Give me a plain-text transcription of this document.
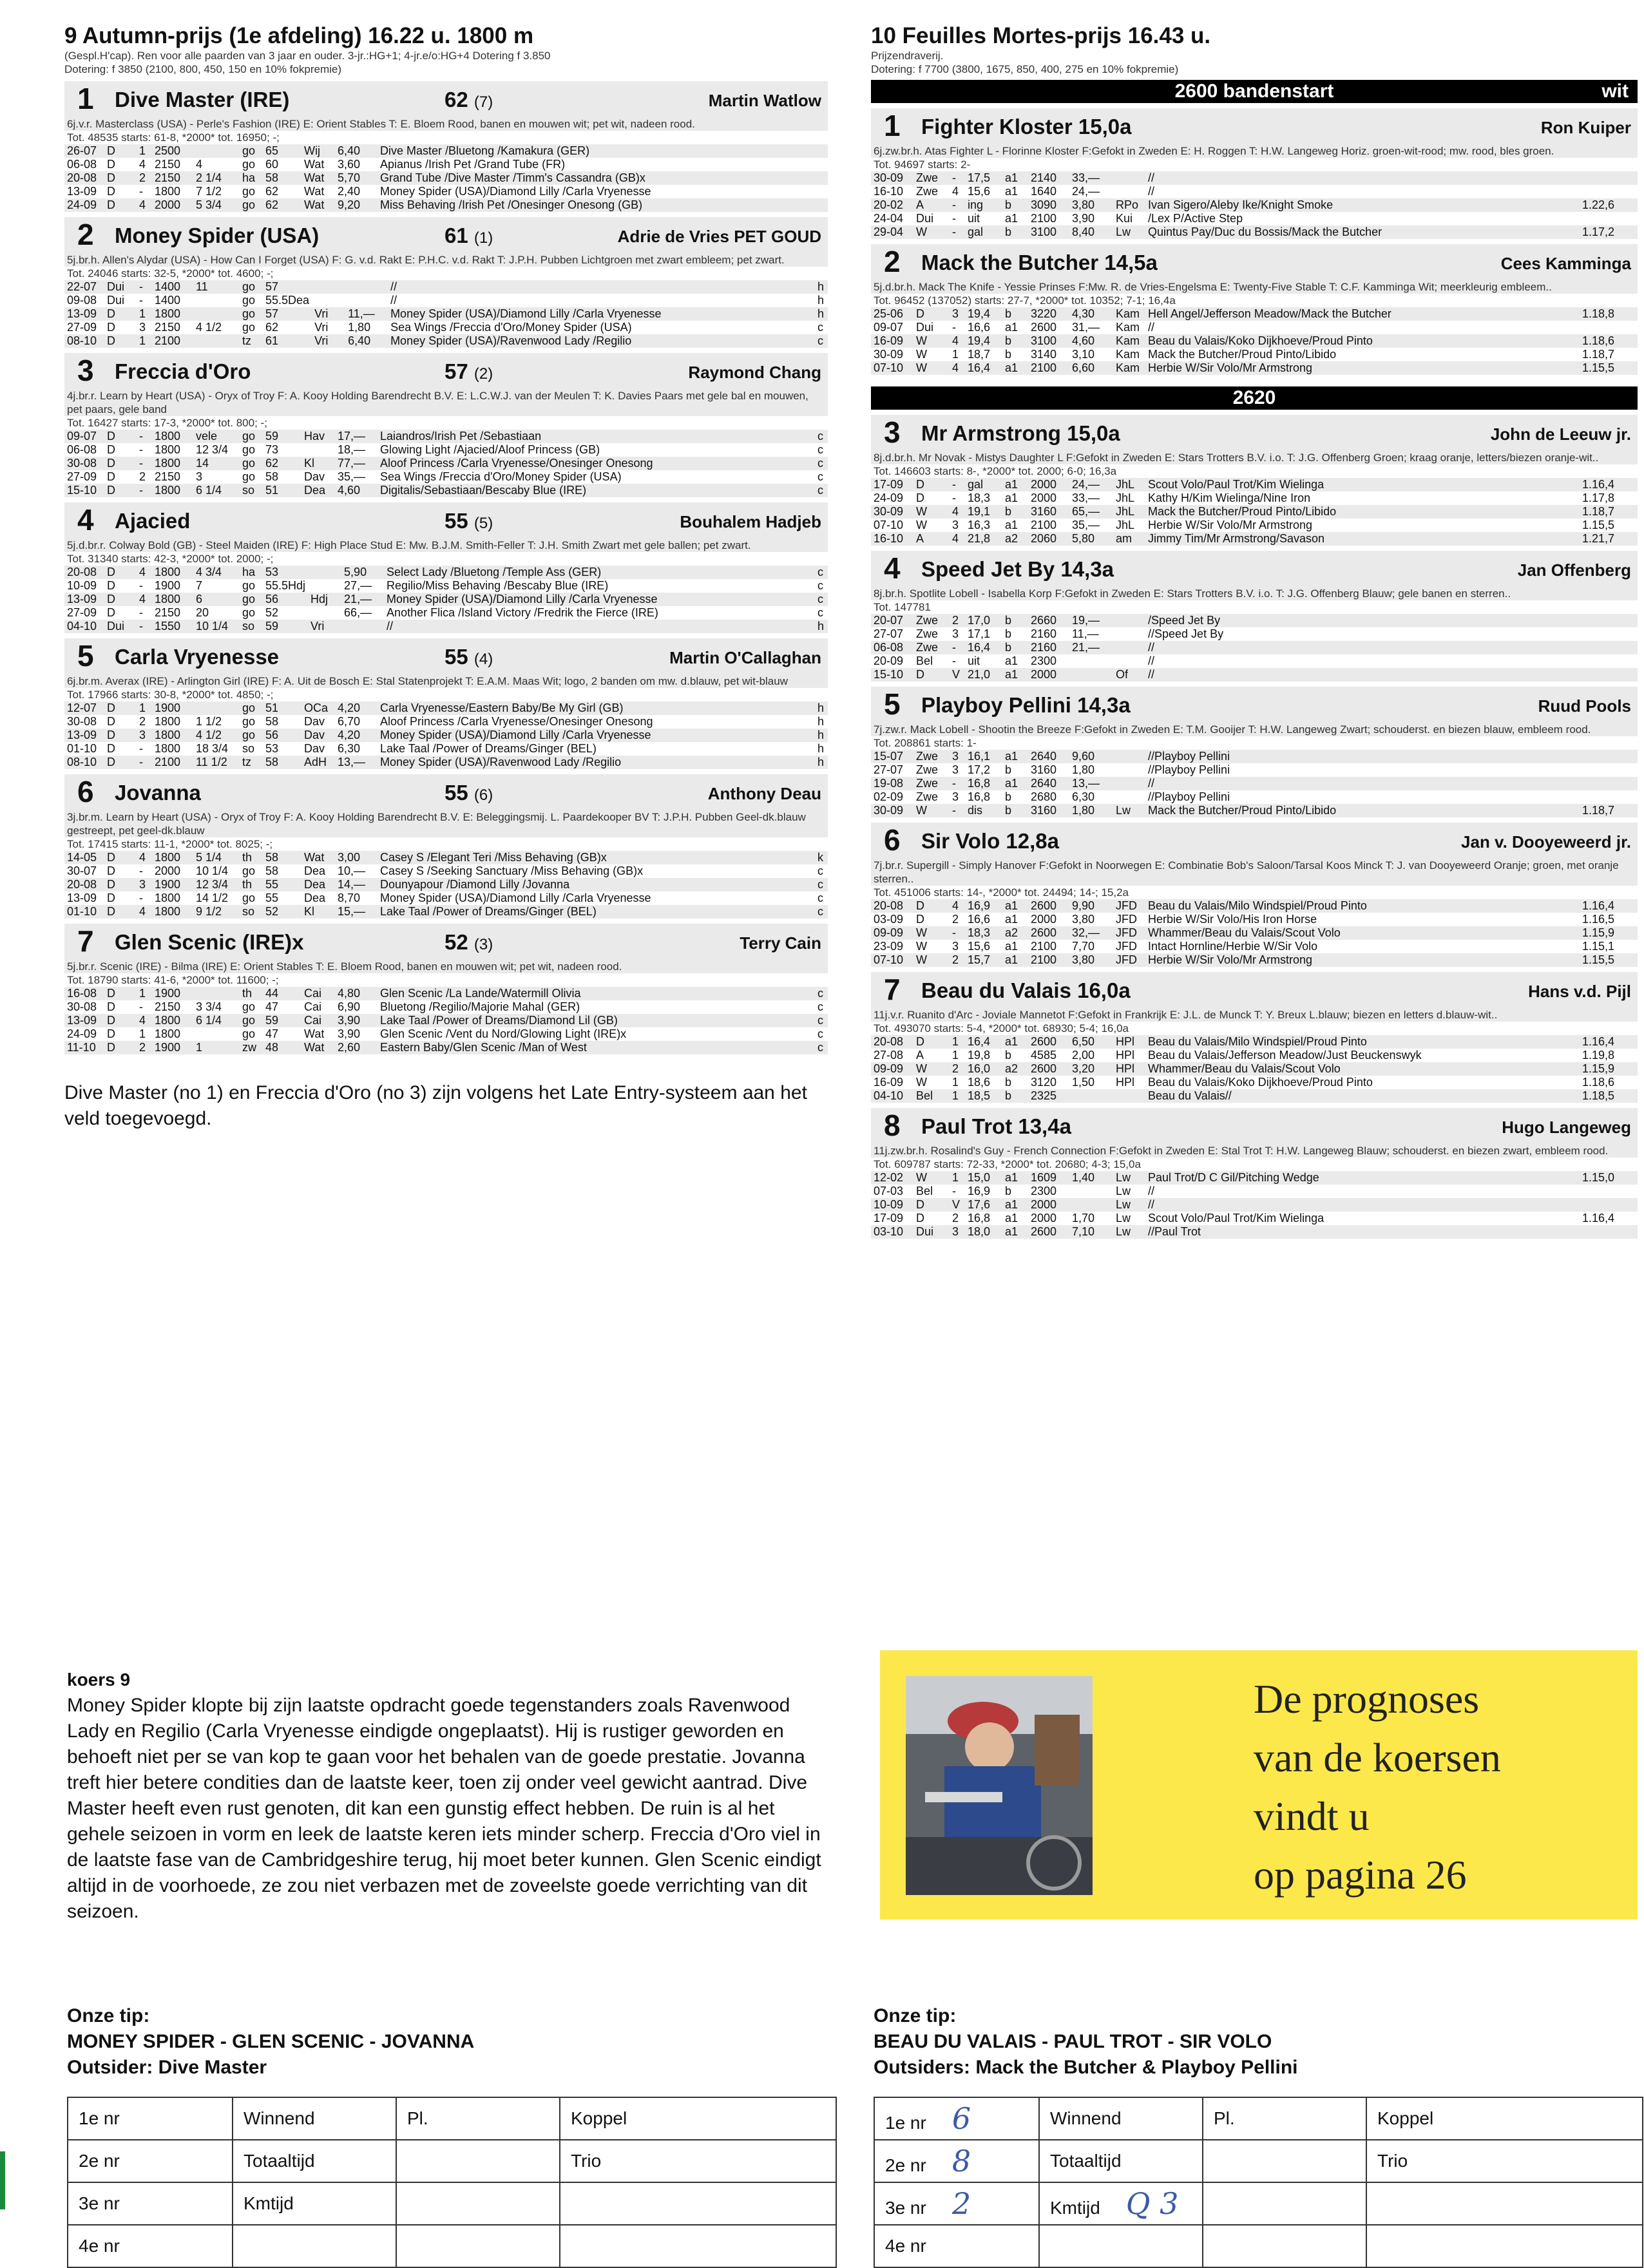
9 Autumn-prijs (1e afdeling) 16.22 u. 1800 m
(Gespl.H'cap). Ren voor alle paarden van 3 jaar en ouder. 3-jr.:HG+1; 4-jr.e/o:HG+4 Dotering f 3.850
Dotering: f 3850 (2100, 800, 450, 150 en 10% fokpremie)
1 Dive Master (IRE)	62 (7)	Martin Watlow
6j.v.r. Masterclass (USA) - Perle's Fashion (IRE) E: Orient Stables T: E. Bloem Rood, banen en mouwen wit; pet wit, nadeen rood.
Tot. 48535 starts: 61-8, *2000* tot. 16950; -;
26-07	D	1	2500		go	65	Wij	6,40	Dive Master /Bluetong /Kamakura (GER)	
06-08	D	4	2150	4	go	60	Wat	3,60	Apianus /Irish Pet /Grand Tube (FR)	
20-08	D	2	2150	2 1/4	ha	58	Wat	5,70	Grand Tube /Dive Master /Timm's Cassandra (GB)x	
13-09	D	-	1800	7 1/2	go	62	Wat	2,40	Money Spider (USA)/Diamond Lilly /Carla Vryenesse	
24-09	D	4	2000	5 3/4	go	62	Wat	9,20	Miss Behaving /Irish Pet /Onesinger Onesong (GB)	
2 Money Spider (USA)	61 (1)	Adrie de Vries PET GOUD
5j.br.h. Allen's Alydar (USA) - How Can I Forget (USA) F: G. v.d. Rakt E: P.H.C. v.d. Rakt T: J.P.H. Pubben Lichtgroen met zwart embleem; pet zwart.
Tot. 24046 starts: 32-5, *2000* tot. 4600; -;
22-07	Dui	-	1400	11	go	57			//	h
09-08	Dui	-	1400		go	55.5Dea			//	h
13-09	D	1	1800		go	57	Vri	11,—	Money Spider (USA)/Diamond Lilly /Carla Vryenesse	h
27-09	D	3	2150	4 1/2	go	62	Vri	1,80	Sea Wings /Freccia d'Oro/Money Spider (USA)	c
08-10	D	1	2100		tz	61	Vri	6,40	Money Spider (USA)/Ravenwood Lady /Regilio	c
3 Freccia d'Oro	57 (2)	Raymond Chang
4j.br.r. Learn by Heart (USA) - Oryx of Troy F: A. Kooy Holding Barendrecht B.V. E: L.C.W.J. van der Meulen T: K. Davies Paars met gele bal en mouwen, pet paars, gele band
Tot. 16427 starts: 17-3, *2000* tot. 800; -;
09-07	D	-	1800	vele	go	59	Hav	17,—	Laiandros/Irish Pet /Sebastiaan	c
06-08	D	-	1800	12 3/4	go	73		18,—	Glowing Light /Ajacied/Aloof Princess (GB)	c
30-08	D	-	1800	14	go	62	Kl	77,—	Aloof Princess /Carla Vryenesse/Onesinger Onesong	c
27-09	D	2	2150	3	go	58	Dav	35,—	Sea Wings /Freccia d'Oro/Money Spider (USA)	c
15-10	D	-	1800	6 1/4	so	51	Dea	4,60	Digitalis/Sebastiaan/Bescaby Blue (IRE)	c
4 Ajacied	55 (5)	Bouhalem Hadjeb
5j.d.br.r. Colway Bold (GB) - Steel Maiden (IRE) F: High Place Stud E: Mw. B.J.M. Smith-Feller T: J.H. Smith Zwart met gele ballen; pet zwart.
Tot. 31340 starts: 42-3, *2000* tot. 2000; -;
20-08	D	4	1800	4 3/4	ha	53		5,90	Select Lady /Bluetong /Temple Ass (GER)	c
10-09	D	-	1900	7	go	55.5Hdj		27,—	Regilio/Miss Behaving /Bescaby Blue (IRE)	c
13-09	D	4	1800	6	go	56	Hdj	21,—	Money Spider (USA)/Diamond Lilly /Carla Vryenesse	c
27-09	D	-	2150	20	go	52		66,—	Another Flica /Island Victory /Fredrik the Fierce (IRE)	c
04-10	Dui	-	1550	10 1/4	so	59	Vri		//	h
5 Carla Vryenesse	55 (4)	Martin O'Callaghan
6j.br.m. Averax (IRE) - Arlington Girl (IRE) F: A. Uit de Bosch E: Stal Statenprojekt T: E.A.M. Maas Wit; logo, 2 banden om mw. d.blauw, pet wit-blauw
Tot. 17966 starts: 30-8, *2000* tot. 4850; -;
12-07	D	1	1900		go	51	OCa	4,20	Carla Vryenesse/Eastern Baby/Be My Girl (GB)	h
30-08	D	2	1800	1 1/2	go	58	Dav	6,70	Aloof Princess /Carla Vryenesse/Onesinger Onesong	h
13-09	D	3	1800	4 1/2	go	56	Dav	4,20	Money Spider (USA)/Diamond Lilly /Carla Vryenesse	h
01-10	D	-	1800	18 3/4	so	53	Dav	6,30	Lake Taal /Power of Dreams/Ginger (BEL)	h
08-10	D	-	2100	11 1/2	tz	58	AdH	13,—	Money Spider (USA)/Ravenwood Lady /Regilio	h
6 Jovanna	55 (6)	Anthony Deau
3j.br.m. Learn by Heart (USA) - Oryx of Troy F: A. Kooy Holding Barendrecht B.V. E: Beleggingsmij. L. Paardekooper BV T: J.P.H. Pubben Geel-dk.blauw gestreept, pet geel-dk.blauw
Tot. 17415 starts: 11-1, *2000* tot. 8025; -;
14-05	D	4	1800	5 1/4	th	58	Wat	3,00	Casey S /Elegant Teri /Miss Behaving (GB)x	k
30-07	D	-	2000	10 1/4	go	58	Dea	10,—	Casey S /Seeking Sanctuary /Miss Behaving (GB)x	c
20-08	D	3	1900	12 3/4	th	55	Dea	14,—	Dounyapour /Diamond Lilly /Jovanna	c
13-09	D	-	1800	14 1/2	go	55	Dea	8,70	Money Spider (USA)/Diamond Lilly /Carla Vryenesse	c
01-10	D	4	1800	9 1/2	so	52	Kl	15,—	Lake Taal /Power of Dreams/Ginger (BEL)	c
7 Glen Scenic (IRE)x	52 (3)	Terry Cain
5j.br.r. Scenic (IRE) - Bilma (IRE) E: Orient Stables T: E. Bloem Rood, banen en mouwen wit; pet wit, nadeen rood.
Tot. 18790 starts: 41-6, *2000* tot. 11600; -;
16-08	D	1	1900		th	44	Cai	4,80	Glen Scenic /La Lande/Watermill Olivia	c
30-08	D	-	2150	3 3/4	go	47	Cai	6,90	Bluetong /Regilio/Majorie Mahal (GER)	c
13-09	D	4	1800	6 1/4	go	59	Cai	3,90	Lake Taal /Power of Dreams/Diamond Lil (GB)	c
24-09	D	1	1800		go	47	Wat	3,90	Glen Scenic /Vent du Nord/Glowing Light (IRE)x	c
11-10	D	2	1900	1	zw	48	Wat	2,60	Eastern Baby/Glen Scenic /Man of West	c
Dive Master (no 1) en Freccia d'Oro (no 3) zijn volgens het Late Entry-systeem aan het veld toegevoegd.
10 Feuilles Mortes-prijs 16.43 u.
Prijzendraverij.
Dotering: f 7700 (3800, 1675, 850, 400, 275 en 10% fokpremie)
2600 bandenstart	wit
1 Fighter Kloster 15,0a	Ron Kuiper
6j.zw.br.h. Atas Fighter L - Florinne Kloster F:Gefokt in Zweden E: H. Roggen T: H.W. Langeweg Horiz. groen-wit-rood; mw. rood, bles groen.
Tot. 94697 starts: 2-
30-09	Zwe	-	17,5	a1	2140	33,—		//	
16-10	Zwe	4	15,6	a1	1640	24,—		//	
20-02	A	-	ing	b	3090	3,80	RPo	Ivan Sigero/Aleby Ike/Knight Smoke	1.22,6
24-04	Dui	-	uit	a1	2100	3,90	Kui	/Lex P/Active Step	
29-04	W	-	gal	b	3100	8,40	Lw	Quintus Pay/Duc du Bossis/Mack the Butcher	1.17,2
2 Mack the Butcher 14,5a	Cees Kamminga
5j.d.br.h. Mack The Knife - Yessie Prinses F:Mw. R. de Vries-Engelsma E: Twenty-Five Stable T: C.F. Kamminga Wit; meerkleurig embleem..
Tot. 96452 (137052) starts: 27-7, *2000* tot. 10352; 7-1; 16,4a
25-06	D	3	19,4	b	3220	4,30	Kam	Hell Angel/Jefferson Meadow/Mack the Butcher	1.18,8
09-07	Dui	-	16,6	a1	2600	31,—	Kam	//	
16-09	W	4	19,4	b	3100	4,60	Kam	Beau du Valais/Koko Dijkhoeve/Proud Pinto	1.18,6
30-09	W	1	18,7	b	3140	3,10	Kam	Mack the Butcher/Proud Pinto/Libido	1.18,7
07-10	W	4	16,4	a1	2100	6,60	Kam	Herbie W/Sir Volo/Mr Armstrong	1.15,5
2620
3 Mr Armstrong 15,0a	John de Leeuw jr.
8j.d.br.h. Mr Novak - Mistys Daughter L F:Gefokt in Zweden E: Stars Trotters B.V. i.o. T: J.G. Offenberg Groen; kraag oranje, letters/biezen oranje-wit..
Tot. 146603 starts: 8-, *2000* tot. 2000; 6-0; 16,3a
17-09	D	-	gal	a1	2000	24,—	JhL	Scout Volo/Paul Trot/Kim Wielinga	1.16,4
24-09	D	-	18,3	a1	2000	33,—	JhL	Kathy H/Kim Wielinga/Nine Iron	1.17,8
30-09	W	4	19,1	b	3160	65,—	JhL	Mack the Butcher/Proud Pinto/Libido	1.18,7
07-10	W	3	16,3	a1	2100	35,—	JhL	Herbie W/Sir Volo/Mr Armstrong	1.15,5
16-10	A	4	21,8	a2	2060	5,80	am	Jimmy Tim/Mr Armstrong/Savason	1.21,7
4 Speed Jet By 14,3a	Jan Offenberg
8j.br.h. Spotlite Lobell - Isabella Korp F:Gefokt in Zweden E: Stars Trotters B.V. i.o. T: J.G. Offenberg Blauw; gele banen en sterren..
Tot. 147781
20-07	Zwe	2	17,0	b	2660	19,—		/Speed Jet By	
27-07	Zwe	3	17,1	b	2160	11,—		//Speed Jet By	
06-08	Zwe	-	16,4	b	2160	21,—		//	
20-09	Bel	-	uit	a1	2300			//	
15-10	D	V	21,0	a1	2000		Of	//	
5 Playboy Pellini 14,3a	Ruud Pools
7j.zw.r. Mack Lobell - Shootin the Breeze F:Gefokt in Zweden E: T.M. Gooijer T: H.W. Langeweg Zwart; schouderst. en biezen blauw, embleem rood.
Tot. 208861 starts: 1-
15-07	Zwe	3	16,1	a1	2640	9,60		//Playboy Pellini	
27-07	Zwe	3	17,2	b	3160	1,80		//Playboy Pellini	
19-08	Zwe	-	16,8	a1	2640	13,—		//	
02-09	Zwe	3	16,8	b	2680	6,30		//Playboy Pellini	
30-09	W	-	dis	b	3160	1,80	Lw	Mack the Butcher/Proud Pinto/Libido	1.18,7
6 Sir Volo 12,8a	Jan v. Dooyeweerd jr.
7j.br.r. Supergill - Simply Hanover F:Gefokt in Noorwegen E: Combinatie Bob's Saloon/Tarsal Koos Minck T: J. van Dooyeweerd Oranje; groen, met oranje sterren..
Tot. 451006 starts: 14-, *2000* tot. 24494; 14-; 15,2a
20-08	D	4	16,9	a1	2600	9,90	JFD	Beau du Valais/Milo Windspiel/Proud Pinto	1.16,4
03-09	D	2	16,6	a1	2000	3,80	JFD	Herbie W/Sir Volo/His Iron Horse	1.16,5
09-09	W	-	18,3	a2	2600	32,—	JFD	Whammer/Beau du Valais/Scout Volo	1.15,9
23-09	W	3	15,6	a1	2100	7,70	JFD	Intact Hornline/Herbie W/Sir Volo	1.15,1
07-10	W	2	15,7	a1	2100	3,80	JFD	Herbie W/Sir Volo/Mr Armstrong	1.15,5
7 Beau du Valais 16,0a	Hans v.d. Pijl
11j.v.r. Ruanito d'Arc - Joviale Mannetot F:Gefokt in Frankrijk E: J.L. de Munck T: Y. Breux L.blauw; biezen en letters d.blauw-wit..
Tot. 493070 starts: 5-4, *2000* tot. 68930; 5-4; 16,0a
20-08	D	1	16,4	a1	2600	6,50	HPl	Beau du Valais/Milo Windspiel/Proud Pinto	1.16,4
27-08	A	1	19,8	b	4585	2,00	HPl	Beau du Valais/Jefferson Meadow/Just Beuckenswyk	1.19,8
09-09	W	2	16,0	a2	2600	3,20	HPl	Whammer/Beau du Valais/Scout Volo	1.15,9
16-09	W	1	18,6	b	3120	1,50	HPl	Beau du Valais/Koko Dijkhoeve/Proud Pinto	1.18,6
04-10	Bel	1	18,5	b	2325			Beau du Valais//	1.18,5
8 Paul Trot 13,4a	Hugo Langeweg
11j.zw.br.h. Rosalind's Guy - French Connection F:Gefokt in Zweden E: Stal Trot T: H.W. Langeweg Blauw; schouderst. en biezen zwart, embleem rood.
Tot. 609787 starts: 72-33, *2000* tot. 20680; 4-3; 15,0a
12-02	W	1	15,0	a1	1609	1,40	Lw	Paul Trot/D C Gil/Pitching Wedge	1.15,0
07-03	Bel	-	16,9	b	2300		Lw	//	
10-09	D	V	17,6	a1	2000		Lw	//	
17-09	D	2	16,8	a1	2000	1,70	Lw	Scout Volo/Paul Trot/Kim Wielinga	1.16,4
03-10	Dui	3	18,0	a1	2600	7,10	Lw	//Paul Trot	
koers 9
Money Spider klopte bij zijn laatste opdracht goede tegenstanders zoals Ravenwood Lady en Regilio (Carla Vryenesse eindigde ongeplaatst). Hij is rustiger geworden en behoeft niet per se van kop te gaan voor het behalen van de goede prestatie. Jovanna treft hier betere condities dan de laatste keer, toen zij onder veel gewicht aantrad. Dive Master heeft even rust genoten, dit kan een gunstig effect hebben. De ruin is al het gehele seizoen in vorm en leek de laatste keren iets minder scherp. Freccia d'Oro viel in de laatste fase van de Cambridgeshire terug, hij moet beter kunnen. Glen Scenic eindigt altijd in de voorhoede, ze zou niet verbazen met de zoveelste goede verrichting van dit seizoen.
De prognoses
van de koersen
vindt u
op pagina 26
Onze tip:
MONEY SPIDER - GLEN SCENIC - JOVANNA
Outsider: Dive Master
Onze tip:
BEAU DU VALAIS - PAUL TROT - SIR VOLO
Outsiders: Mack the Butcher & Playboy Pellini
1e nr	Winnend	Pl.	Koppel
2e nr	Totaaltijd		Trio
3e nr	Kmtijd		
4e nr			
1e nr 6	Winnend	Pl.	Koppel
2e nr 8	Totaaltijd		Trio
3e nr 2	Kmtijd Q 3		
4e nr			
